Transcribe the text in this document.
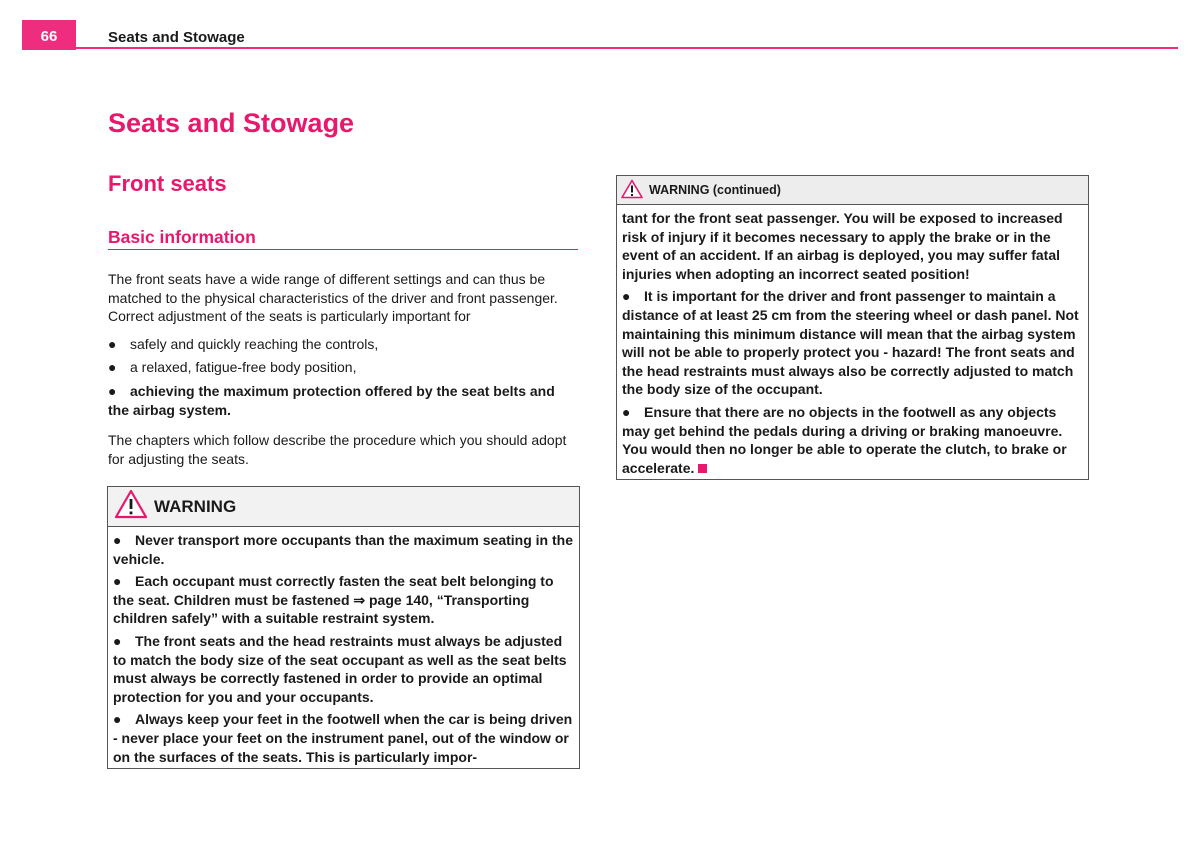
66	Seats and Stowage
Seats and Stowage
Front seats
Basic information

The front seats have a wide range of different settings and can thus be matched to the physical characteristics of the driver and front passenger. Correct adjustment of the seats is particularly important for

● safely and quickly reaching the controls,

● a relaxed, fatigue-free body position,

● achieving the maximum protection offered by the seat belts and the airbag system.

The chapters which follow describe the procedure which you should adopt for adjusting the seats.

WARNING

● Never transport more occupants than the maximum seating in the vehicle.

● Each occupant must correctly fasten the seat belt belonging to the seat. Children must be fastened ⇒ page 140, “Transporting children safely” with a suitable restraint system.

● The front seats and the head restraints must always be adjusted to match the body size of the seat occupant as well as the seat belts must always be correctly fastened in order to provide an optimal protection for you and your occupants.

● Always keep your feet in the footwell when the car is being driven - never place your feet on the instrument panel, out of the window or on the surfaces of the seats. This is particularly impor-

WARNING (continued)

tant for the front seat passenger. You will be exposed to increased risk of injury if it becomes necessary to apply the brake or in the event of an accident. If an airbag is deployed, you may suffer fatal injuries when adopting an incorrect seated position!

● It is important for the driver and front passenger to maintain a distance of at least 25 cm from the steering wheel or dash panel. Not maintaining this minimum distance will mean that the airbag system will not be able to properly protect you - hazard! The front seats and the head restraints must always also be correctly adjusted to match the body size of the occupant.

● Ensure that there are no objects in the footwell as any objects may get behind the pedals during a driving or braking manoeuvre. You would then no longer be able to operate the clutch, to brake or accelerate.
